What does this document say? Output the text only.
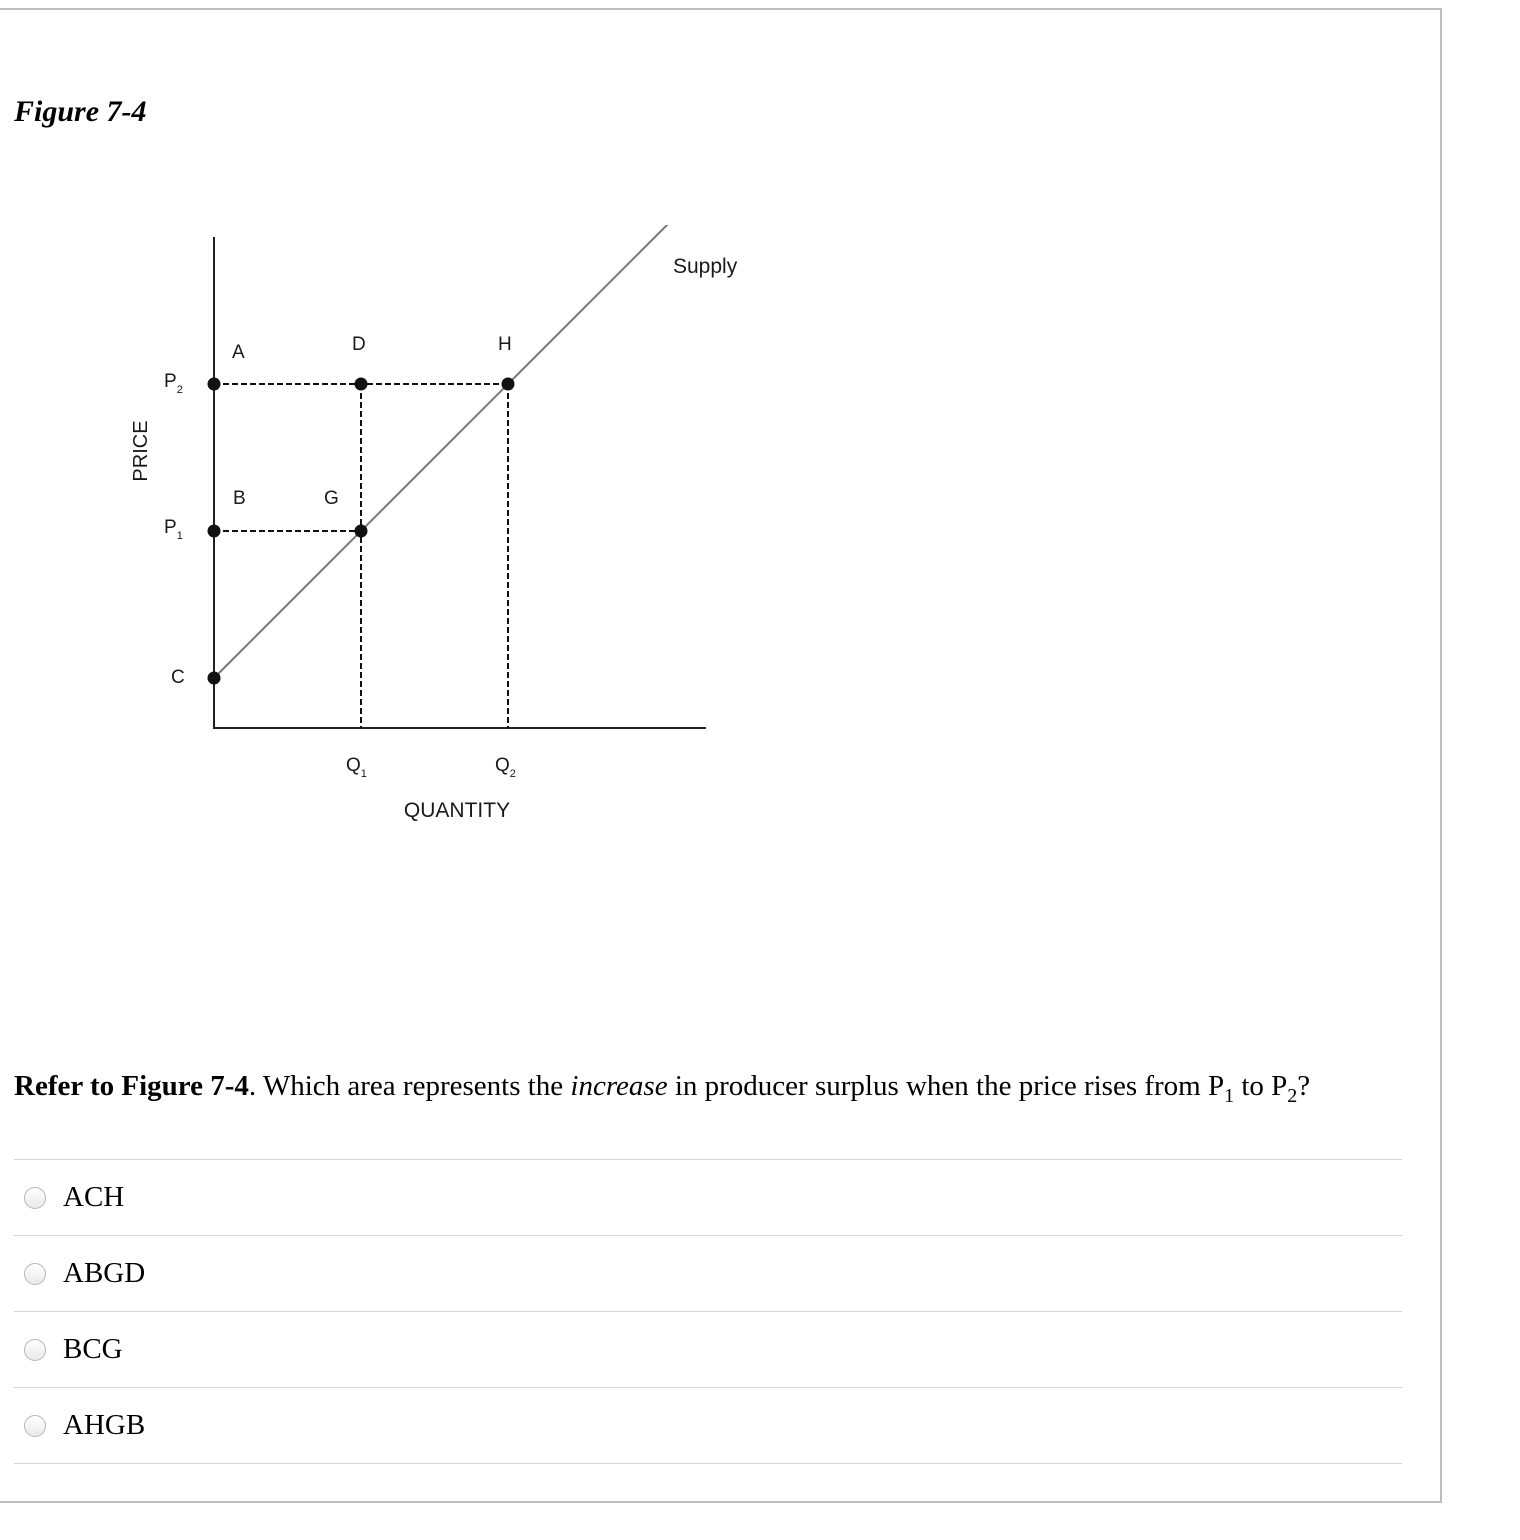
Figure 7-4
Supply
QUANTITY
PRICE
A	D	H
B	G
C
$P_2$
$P_1$
$Q_1$	$Q_2$

Refer to Figure 7-4. Which area represents the increase in producer surplus when the price rises from $P_1$ to $P_2$?

ACH
ABGD
BCG
AHGB
